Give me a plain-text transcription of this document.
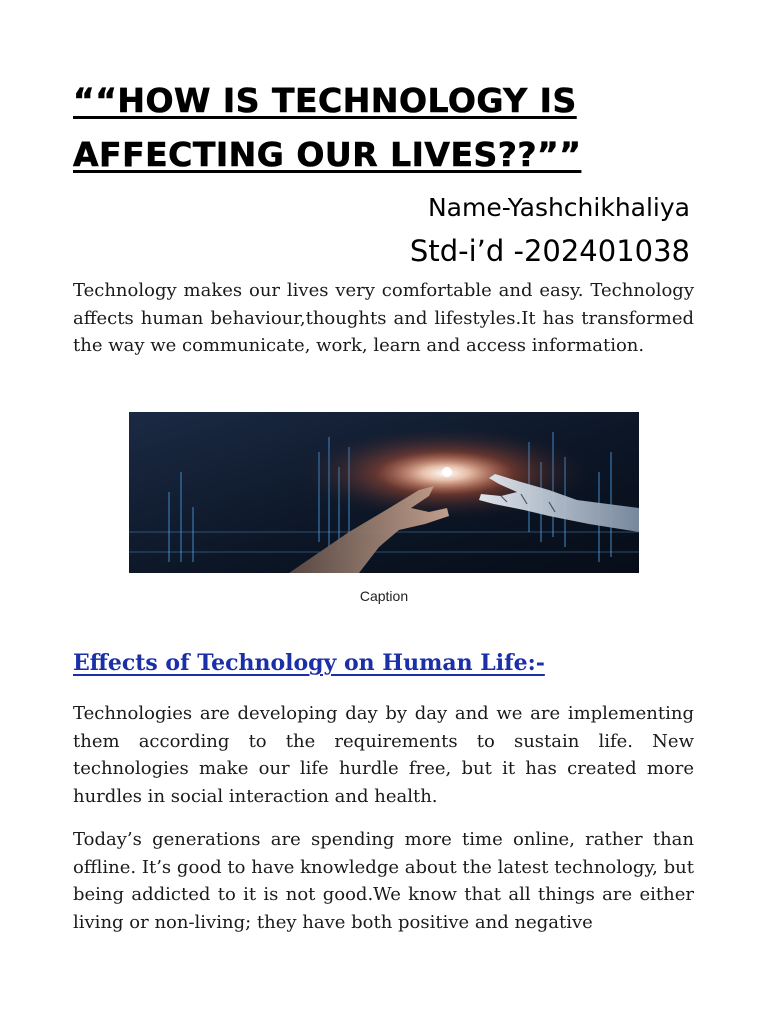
““HOW IS TECHNOLOGY IS
AFFECTING OUR LIVES??””
Name-Yashchikhaliya
Std-i’d -202401038

Technology makes our lives very comfortable and easy. Technology affects human behaviour,thoughts and lifestyles.It has transformed the way we communicate, work, learn and access information.

Caption
Effects of Technology on Human Life:-

Technologies are developing day by day and we are implementing them according to the requirements to sustain life. New technologies make our life hurdle free, but it has created more hurdles in social interaction and health.

Today’s generations are spending more time online, rather than offline. It’s good to have knowledge about the latest technology, but being addicted to it is not good.We know that all things are either living or non-living; they have both positive and negative
